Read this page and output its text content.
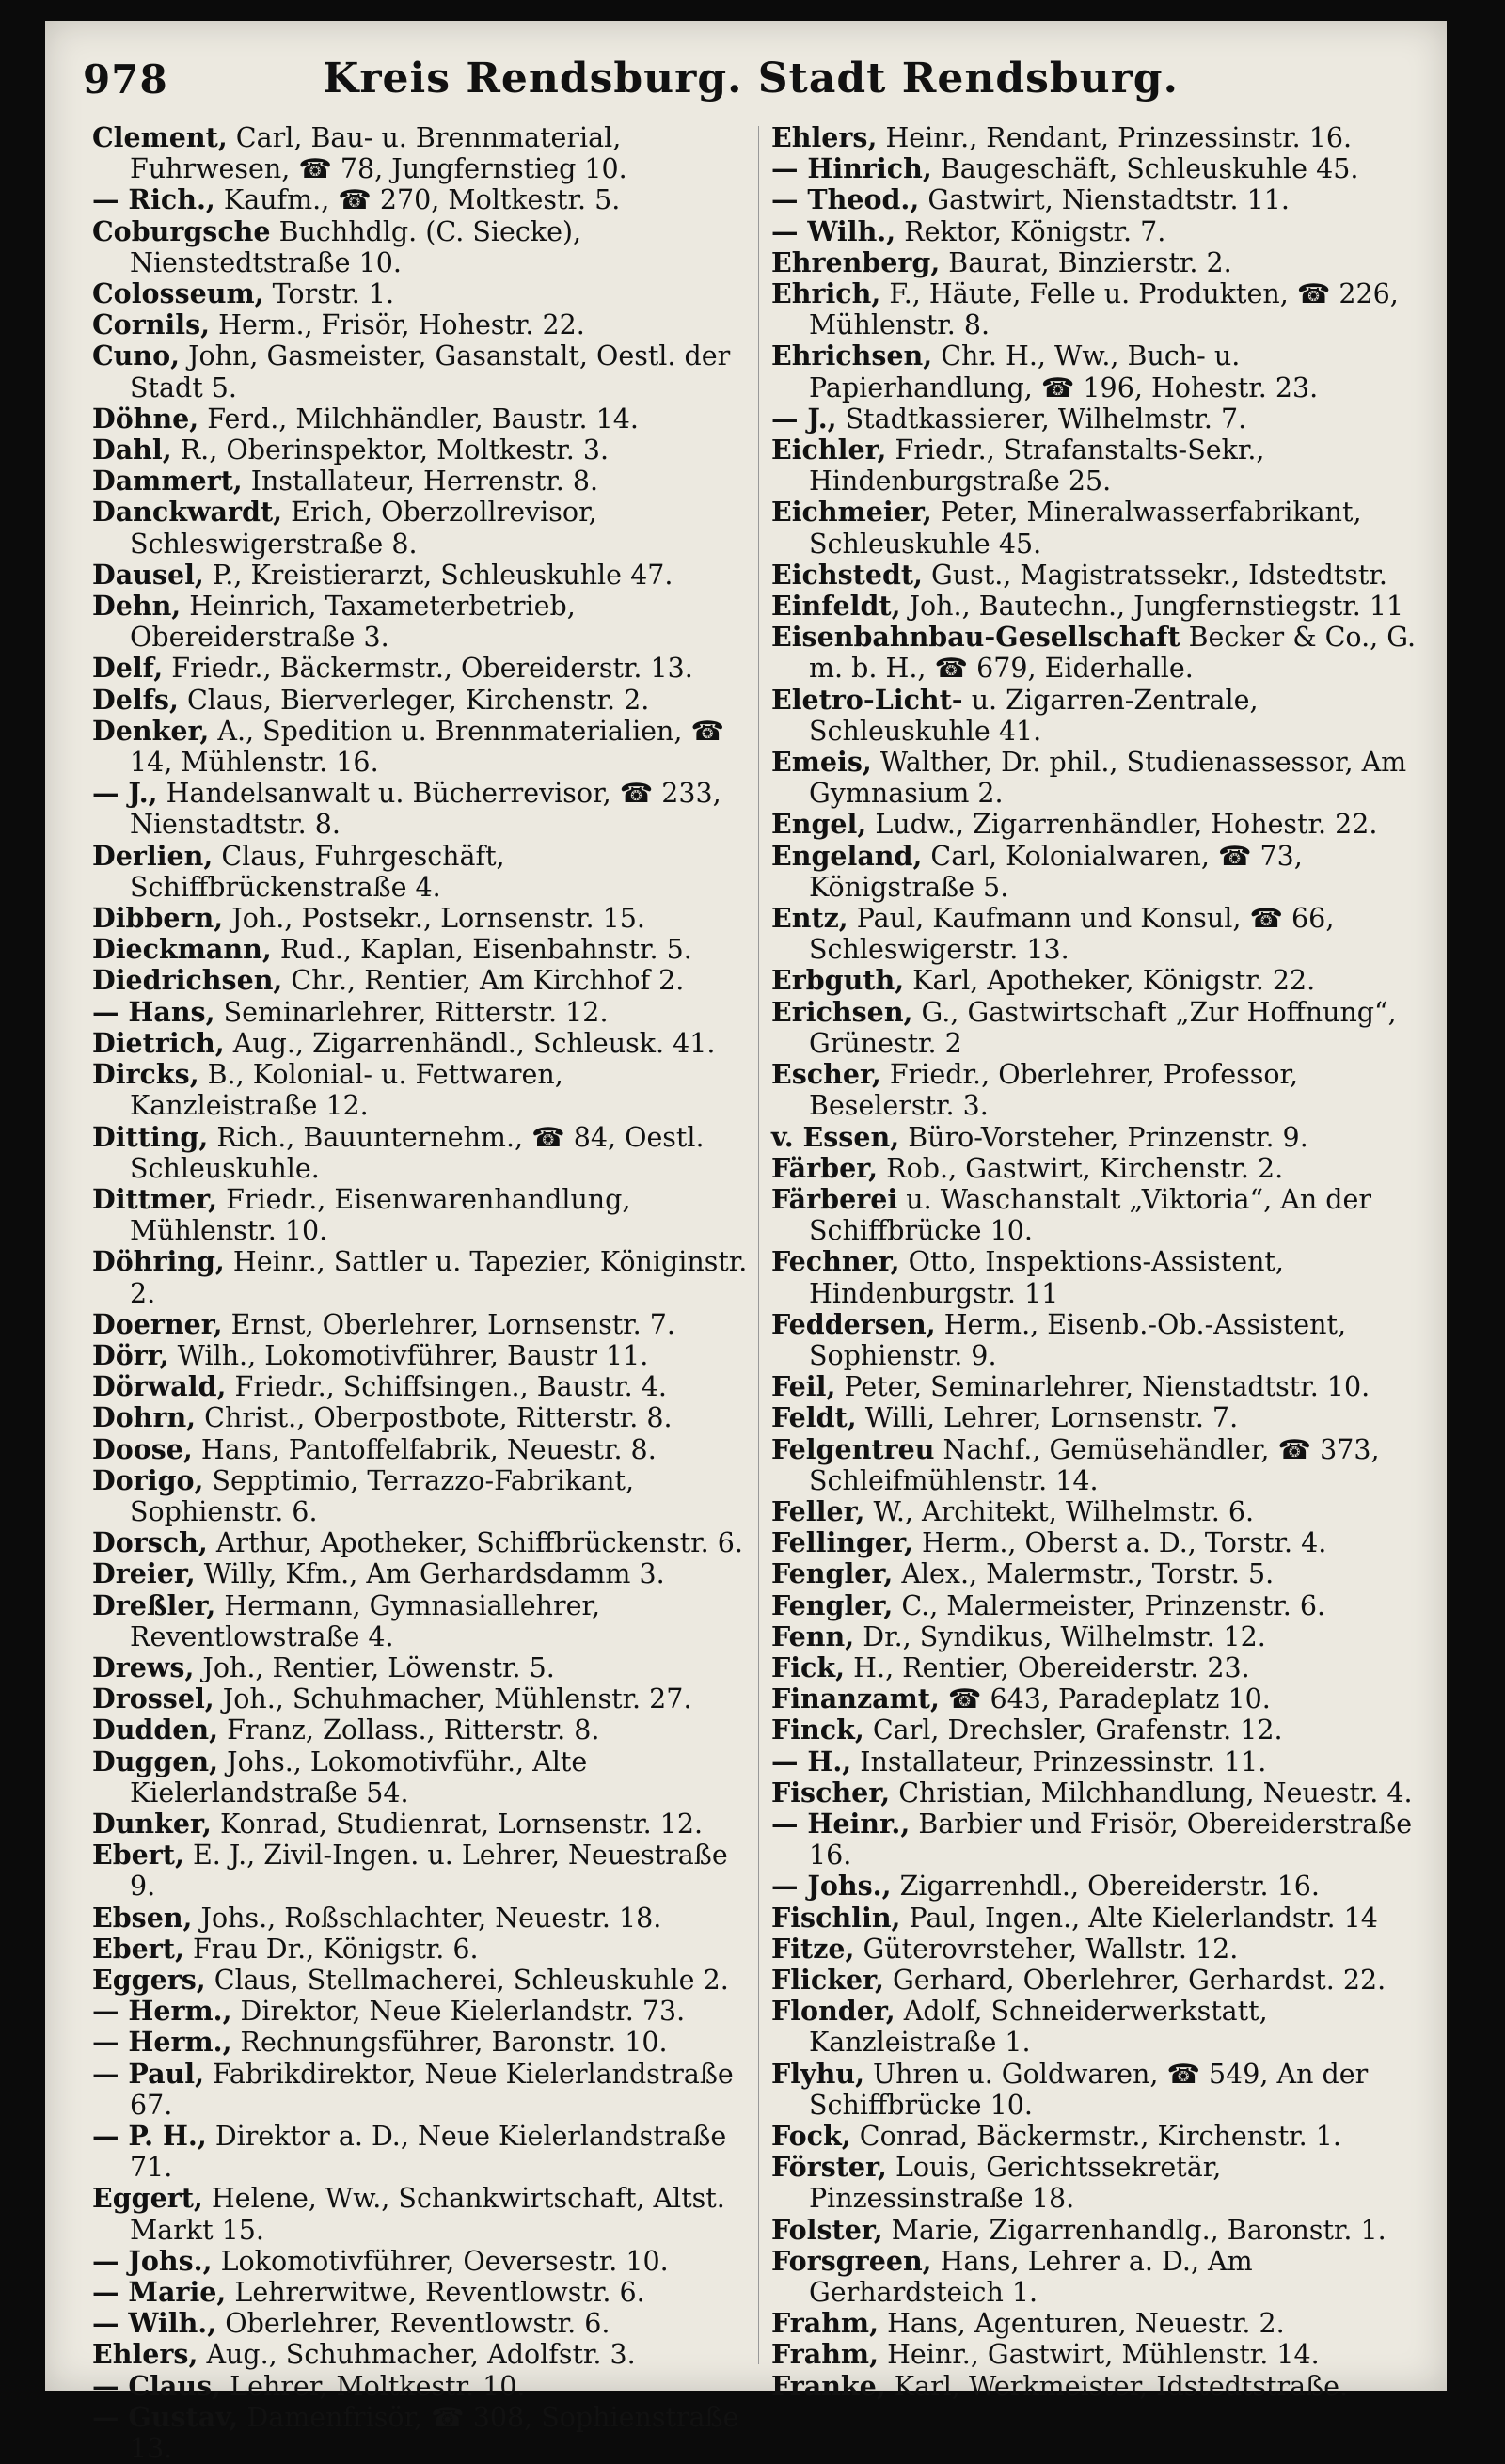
978	Kreis Rendsburg. Stadt Rendsburg.

Clement, Carl, Bau- u. Brennmaterial, Fuhrwesen, ☎ 78, Jungfernstieg 10.

— Rich., Kaufm., ☎ 270, Moltkestr. 5.

Coburgsche Buchhdlg. (C. Siecke), Nienstedtstraße 10.

Colosseum, Torstr. 1.

Cornils, Herm., Frisör, Hohestr. 22.

Cuno, John, Gasmeister, Gasanstalt, Oestl. der Stadt 5.

Döhne, Ferd., Milchhändler, Baustr. 14.

Dahl, R., Oberinspektor, Moltkestr. 3.

Dammert, Installateur, Herrenstr. 8.

Danckwardt, Erich, Oberzollrevisor, Schleswigerstraße 8.

Dausel, P., Kreistierarzt, Schleuskuhle 47.

Dehn, Heinrich, Taxameterbetrieb, Obereiderstraße 3.

Delf, Friedr., Bäckermstr., Obereiderstr. 13.

Delfs, Claus, Bierverleger, Kirchenstr. 2.

Denker, A., Spedition u. Brennmaterialien, ☎ 14, Mühlenstr. 16.

— J., Handelsanwalt u. Bücherrevisor, ☎ 233, Nienstadtstr. 8.

Derlien, Claus, Fuhrgeschäft, Schiffbrückenstraße 4.

Dibbern, Joh., Postsekr., Lornsenstr. 15.

Dieckmann, Rud., Kaplan, Eisenbahnstr. 5.

Diedrichsen, Chr., Rentier, Am Kirchhof 2.

— Hans, Seminarlehrer, Ritterstr. 12.

Dietrich, Aug., Zigarrenhändl., Schleusk. 41.

Dircks, B., Kolonial- u. Fettwaren, Kanzleistraße 12.

Ditting, Rich., Bauunternehm., ☎ 84, Oestl. Schleuskuhle.

Dittmer, Friedr., Eisenwarenhandlung, Mühlenstr. 10.

Döhring, Heinr., Sattler u. Tapezier, Königinstr. 2.

Doerner, Ernst, Oberlehrer, Lornsenstr. 7.

Dörr, Wilh., Lokomotivführer, Baustr 11.

Dörwald, Friedr., Schiffsingen., Baustr. 4.

Dohrn, Christ., Oberpostbote, Ritterstr. 8.

Doose, Hans, Pantoffelfabrik, Neuestr. 8.

Dorigo, Sepptimio, Terrazzo-Fabrikant, Sophienstr. 6.

Dorsch, Arthur, Apotheker, Schiffbrückenstr. 6.

Dreier, Willy, Kfm., Am Gerhardsdamm 3.

Dreßler, Hermann, Gymnasiallehrer, Reventlowstraße 4.

Drews, Joh., Rentier, Löwenstr. 5.

Drossel, Joh., Schuhmacher, Mühlenstr. 27.

Dudden, Franz, Zollass., Ritterstr. 8.

Duggen, Johs., Lokomotivführ., Alte Kielerlandstraße 54.

Dunker, Konrad, Studienrat, Lornsenstr. 12.

Ebert, E. J., Zivil-Ingen. u. Lehrer, Neuestraße 9.

Ebsen, Johs., Roßschlachter, Neuestr. 18.

Ebert, Frau Dr., Königstr. 6.

Eggers, Claus, Stellmacherei, Schleuskuhle 2.

— Herm., Direktor, Neue Kielerlandstr. 73.

— Herm., Rechnungsführer, Baronstr. 10.

— Paul, Fabrikdirektor, Neue Kielerlandstraße 67.

— P. H., Direktor a. D., Neue Kielerlandstraße 71.

Eggert, Helene, Ww., Schankwirtschaft, Altst. Markt 15.

— Johs., Lokomotivführer, Oeversestr. 10.

— Marie, Lehrerwitwe, Reventlowstr. 6.

— Wilh., Oberlehrer, Reventlowstr. 6.

Ehlers, Aug., Schuhmacher, Adolfstr. 3.

— Claus, Lehrer, Moltkestr. 10.

— Gustav, Damenfrisör, ☎ 308, Sophienstraße 13.

Ehlers, Heinr., Rendant, Prinzessinstr. 16.

— Hinrich, Baugeschäft, Schleuskuhle 45.

— Theod., Gastwirt, Nienstadtstr. 11.

— Wilh., Rektor, Königstr. 7.

Ehrenberg, Baurat, Binzierstr. 2.

Ehrich, F., Häute, Felle u. Produkten, ☎ 226, Mühlenstr. 8.

Ehrichsen, Chr. H., Ww., Buch- u. Papierhandlung, ☎ 196, Hohestr. 23.

— J., Stadtkassierer, Wilhelmstr. 7.

Eichler, Friedr., Strafanstalts-Sekr., Hindenburgstraße 25.

Eichmeier, Peter, Mineralwasserfabrikant, Schleuskuhle 45.

Eichstedt, Gust., Magistratssekr., Idstedtstr.

Einfeldt, Joh., Bautechn., Jungfernstiegstr. 11

Eisenbahnbau-Gesellschaft Becker & Co., G. m. b. H., ☎ 679, Eiderhalle.

Eletro-Licht- u. Zigarren-Zentrale, Schleuskuhle 41.

Emeis, Walther, Dr. phil., Studienassessor, Am Gymnasium 2.

Engel, Ludw., Zigarrenhändler, Hohestr. 22.

Engeland, Carl, Kolonialwaren, ☎ 73, Königstraße 5.

Entz, Paul, Kaufmann und Konsul, ☎ 66, Schleswigerstr. 13.

Erbguth, Karl, Apotheker, Königstr. 22.

Erichsen, G., Gastwirtschaft „Zur Hoffnung“, Grünestr. 2

Escher, Friedr., Oberlehrer, Professor, Beselerstr. 3.

v. Essen, Büro-Vorsteher, Prinzenstr. 9.

Färber, Rob., Gastwirt, Kirchenstr. 2.

Färberei u. Waschanstalt „Viktoria“, An der Schiffbrücke 10.

Fechner, Otto, Inspektions-Assistent, Hindenburgstr. 11

Feddersen, Herm., Eisenb.-Ob.-Assistent, Sophienstr. 9.

Feil, Peter, Seminarlehrer, Nienstadtstr. 10.

Feldt, Willi, Lehrer, Lornsenstr. 7.

Felgentreu Nachf., Gemüsehändler, ☎ 373, Schleifmühlenstr. 14.

Feller, W., Architekt, Wilhelmstr. 6.

Fellinger, Herm., Oberst a. D., Torstr. 4.

Fengler, Alex., Malermstr., Torstr. 5.

Fengler, C., Malermeister, Prinzenstr. 6.

Fenn, Dr., Syndikus, Wilhelmstr. 12.

Fick, H., Rentier, Obereiderstr. 23.

Finanzamt, ☎ 643, Paradeplatz 10.

Finck, Carl, Drechsler, Grafenstr. 12.

— H., Installateur, Prinzessinstr. 11.

Fischer, Christian, Milchhandlung, Neuestr. 4.

— Heinr., Barbier und Frisör, Obereiderstraße 16.

— Johs., Zigarrenhdl., Obereiderstr. 16.

Fischlin, Paul, Ingen., Alte Kielerlandstr. 14

Fitze, Güterovrsteher, Wallstr. 12.

Flicker, Gerhard, Oberlehrer, Gerhardst. 22.

Flonder, Adolf, Schneiderwerkstatt, Kanzleistraße 1.

Flyhu, Uhren u. Goldwaren, ☎ 549, An der Schiffbrücke 10.

Fock, Conrad, Bäckermstr., Kirchenstr. 1.

Förster, Louis, Gerichtssekretär, Pinzessinstraße 18.

Folster, Marie, Zigarrenhandlg., Baronstr. 1.

Forsgreen, Hans, Lehrer a. D., Am Gerhardsteich 1.

Frahm, Hans, Agenturen, Neuestr. 2.

Frahm, Heinr., Gastwirt, Mühlenstr. 14.

Franke, Karl, Werkmeister, Idstedtstraße.
